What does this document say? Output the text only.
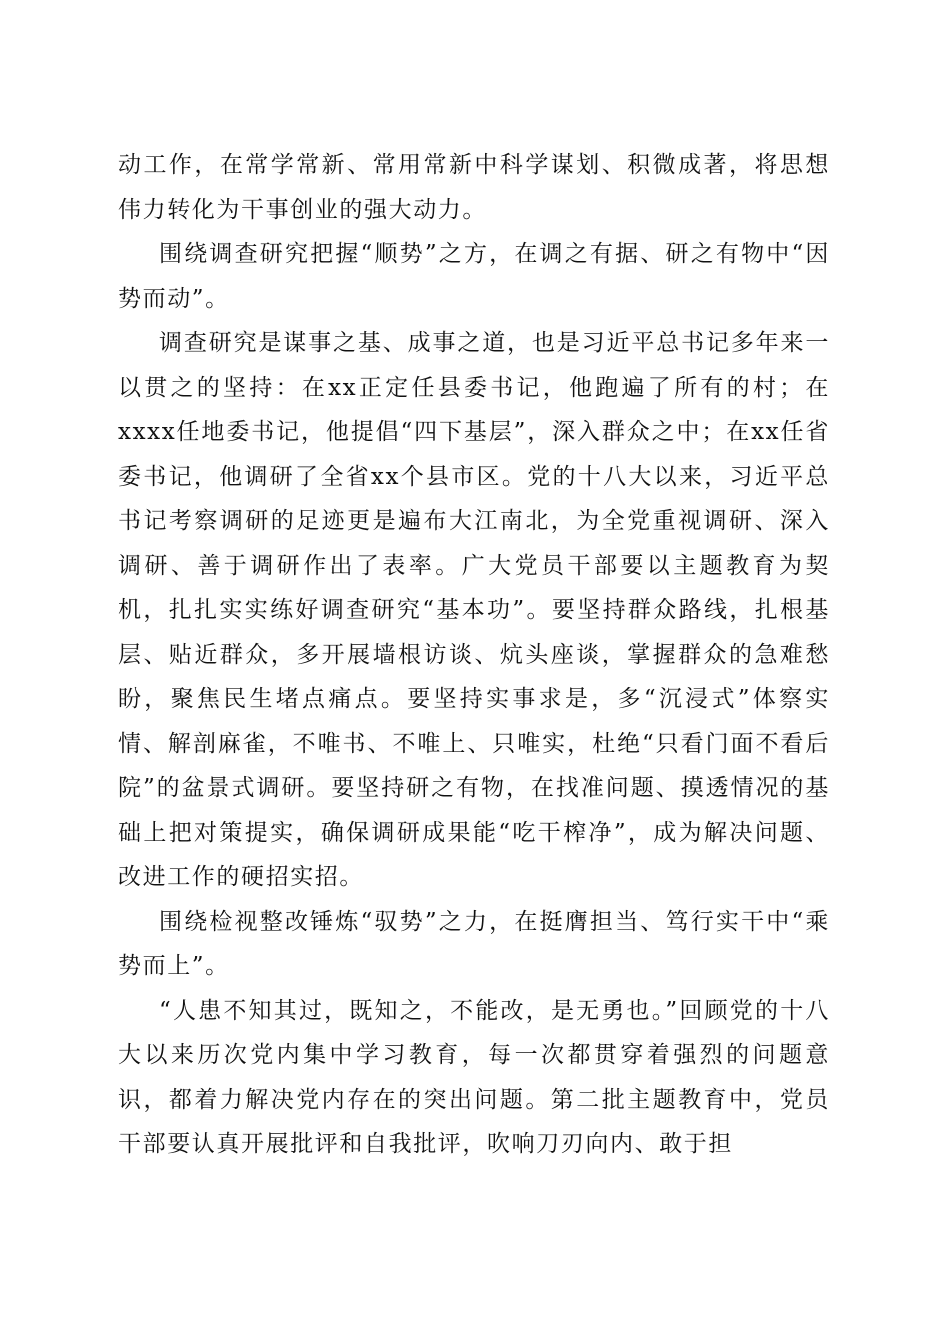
动工作，在常学常新、常用常新中科学谋划、积微成著，将思想伟力转化为干事创业的强大动力。

围绕调查研究把握“顺势”之方，在调之有据、研之有物中“因势而动”。

调查研究是谋事之基、成事之道，也是习近平总书记多年来一以贯之的坚持：在xx正定任县委书记，他跑遍了所有的村；在xxxx任地委书记，他提倡“四下基层”，深入群众之中；在xx任省委书记，他调研了全省xx个县市区。党的十八大以来，习近平总书记考察调研的足迹更是遍布大江南北，为全党重视调研、深入调研、善于调研作出了表率。广大党员干部要以主题教育为契机，扎扎实实练好调查研究“基本功”。要坚持群众路线，扎根基层、贴近群众，多开展墙根访谈、炕头座谈，掌握群众的急难愁盼，聚焦民生堵点痛点。要坚持实事求是，多“沉浸式”体察实情、解剖麻雀，不唯书、不唯上、只唯实，杜绝“只看门面不看后院”的盆景式调研。要坚持研之有物，在找准问题、摸透情况的基础上把对策提实，确保调研成果能“吃干榨净”，成为解决问题、改进工作的硬招实招。

围绕检视整改锤炼“驭势”之力，在挺膺担当、笃行实干中“乘势而上”。

“人患不知其过，既知之，不能改，是无勇也。”回顾党的十八大以来历次党内集中学习教育，每一次都贯穿着强烈的问题意识，都着力解决党内存在的突出问题。第二批主题教育中，党员干部要认真开展批评和自我批评，吹响刀刃向内、敢于担
